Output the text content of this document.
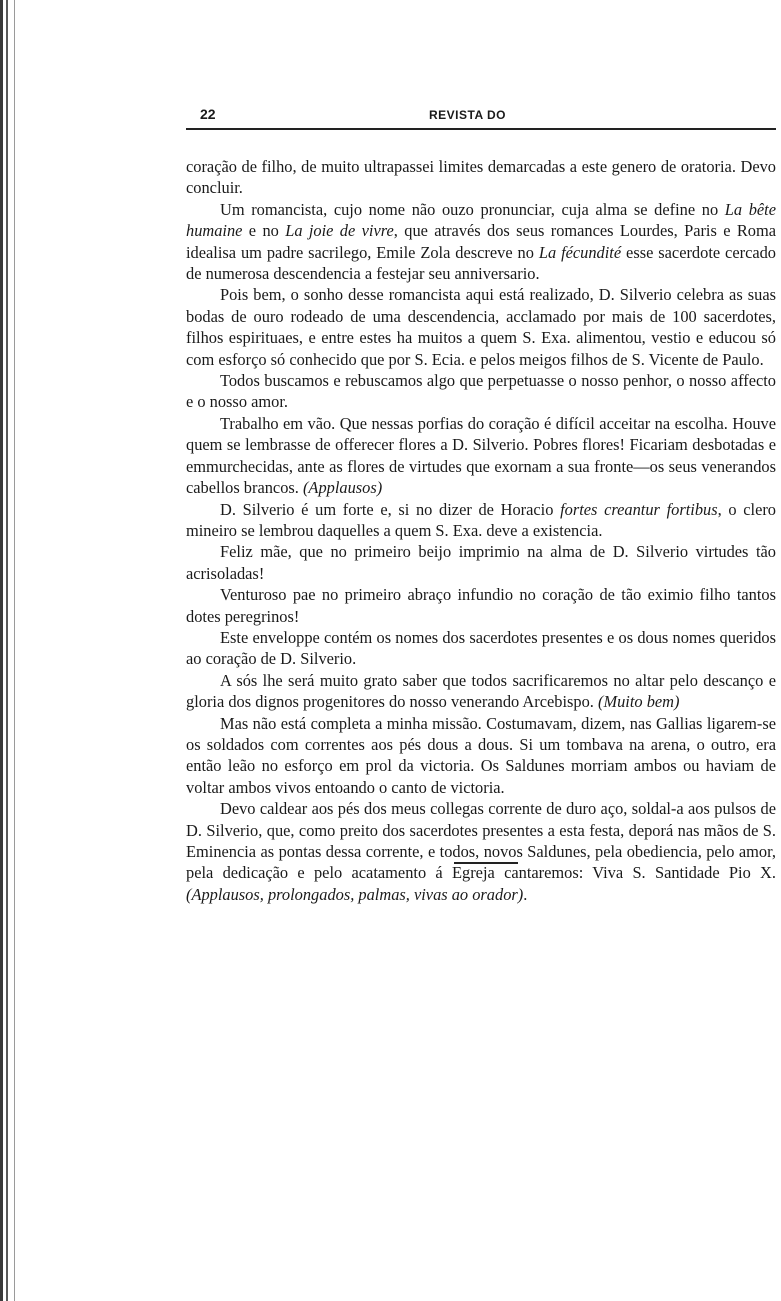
22	REVISTA DO

coração de filho, de muito ultrapassei limites demarcadas a este genero de oratoria. Devo concluir.

Um romancista, cujo nome não ouzo pronunciar, cuja alma se define no La bête humaine e no La joie de vivre, que através dos seus romances Lourdes, Paris e Roma idealisa um padre sacrilego, Emile Zola descreve no La fécundité esse sacerdote cercado de numerosa descendencia a festejar seu anniversario.

Pois bem, o sonho desse romancista aqui está realizado, D. Silverio celebra as suas bodas de ouro rodeado de uma descendencia, acclamado por mais de 100 sacerdotes, filhos espirituaes, e entre estes ha muitos a quem S. Exa. alimentou, vestio e educou só com esforço só conhecido que por S. Ecia. e pelos meigos filhos de S. Vicente de Paulo.

Todos buscamos e rebuscamos algo que perpetuasse o nosso penhor, o nosso affecto e o nosso amor.

Trabalho em vão. Que nessas porfias do coração é difícil acceitar na escolha. Houve quem se lembrasse de offerecer flores a D. Silverio. Pobres flores! Ficariam desbotadas e emmurchecidas, ante as flores de virtudes que exornam a sua fronte—os seus venerandos cabellos brancos. (Applausos)

D. Silverio é um forte e, si no dizer de Horacio fortes creantur fortibus, o clero mineiro se lembrou daquelles a quem S. Exa. deve a existencia.

Feliz mãe, que no primeiro beijo imprimio na alma de D. Silverio virtudes tão acrisoladas!

Venturoso pae no primeiro abraço infundio no coração de tão eximio filho tantos dotes peregrinos!

Este enveloppe contém os nomes dos sacerdotes presentes e os dous nomes queridos ao coração de D. Silverio.

A sós lhe será muito grato saber que todos sacrificaremos no altar pelo descanço e gloria dos dignos progenitores do nosso venerando Arcebispo. (Muito bem)

Mas não está completa a minha missão. Costumavam, dizem, nas Gallias ligarem-se os soldados com correntes aos pés dous a dous. Si um tombava na arena, o outro, era então leão no esforço em prol da victoria. Os Saldunes morriam ambos ou haviam de voltar ambos vivos entoando o canto de victoria.

Devo caldear aos pés dos meus collegas corrente de duro aço, soldal-a aos pulsos de D. Silverio, que, como preito dos sacerdotes presentes a esta festa, deporá nas mãos de S. Eminencia as pontas dessa corrente, e todos, novos Saldunes, pela obediencia, pelo amor, pela dedicação e pelo acatamento á Egreja cantaremos: Viva S. Santidade Pio X. (Applausos, prolongados, palmas, vivas ao orador).
